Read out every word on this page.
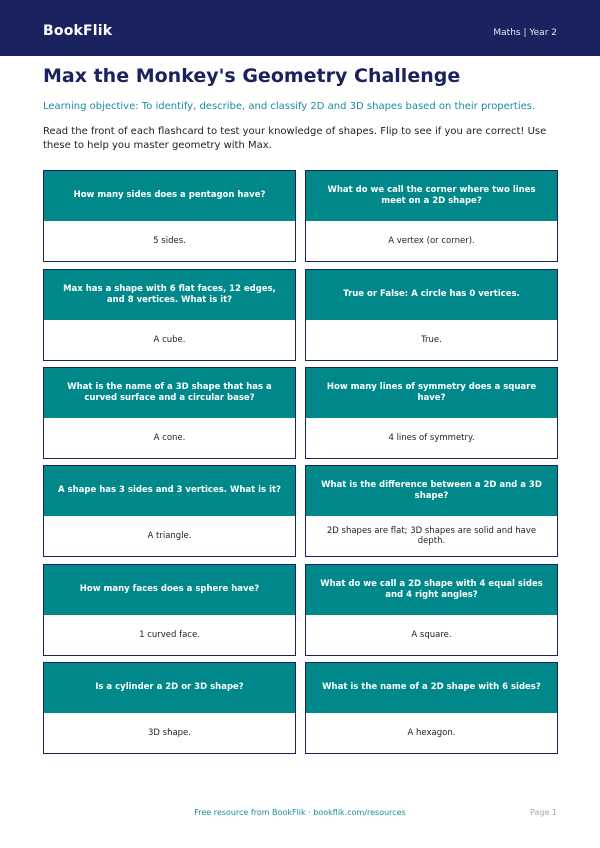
BookFlik	Maths | Year 2
Max the Monkey's Geometry Challenge
Learning objective: To identify, describe, and classify 2D and 3D shapes based on their properties.
Read the front of each flashcard to test your knowledge of shapes. Flip to see if you are correct! Use these to help you master geometry with Max.
How many sides does a pentagon have?
5 sides.
What do we call the corner where two lines meet on a 2D shape?
A vertex (or corner).
Max has a shape with 6 flat faces, 12 edges, and 8 vertices. What is it?
A cube.
True or False: A circle has 0 vertices.
True.
What is the name of a 3D shape that has a curved surface and a circular base?
A cone.
How many lines of symmetry does a square have?
4 lines of symmetry.
A shape has 3 sides and 3 vertices. What is it?
A triangle.
What is the difference between a 2D and a 3D shape?
2D shapes are flat; 3D shapes are solid and have depth.
How many faces does a sphere have?
1 curved face.
What do we call a 2D shape with 4 equal sides and 4 right angles?
A square.
Is a cylinder a 2D or 3D shape?
3D shape.
What is the name of a 2D shape with 6 sides?
A hexagon.
Free resource from BookFlik · bookflik.com/resources	Page 1
